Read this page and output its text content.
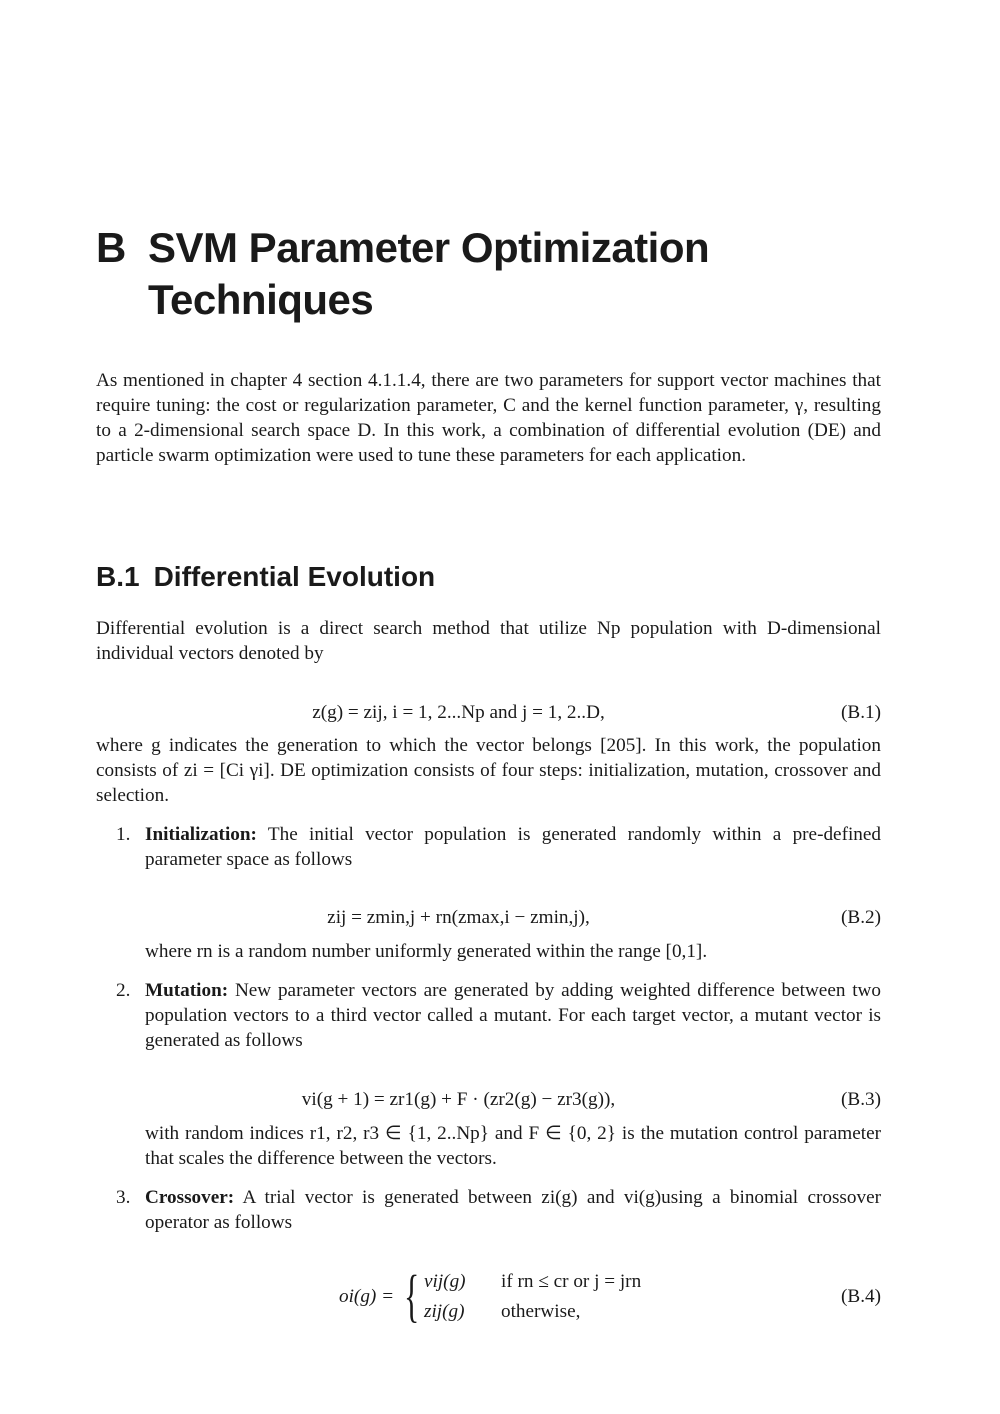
B SVM Parameter Optimization Techniques

As mentioned in chapter 4 section 4.1.1.4, there are two parameters for support vector machines that require tuning: the cost or regularization parameter, C and the kernel function parameter, γ, resulting to a 2-dimensional search space D. In this work, a combination of differential evolution (DE) and particle swarm optimization were used to tune these parameters for each application.

B.1 Differential Evolution

Differential evolution is a direct search method that utilize Np population with D-dimensional individual vectors denoted by

z(g) = zij, i = 1, 2...Np and j = 1, 2..D,	(B.1)

where g indicates the generation to which the vector belongs [205]. In this work, the population consists of zi = [Ci γi]. DE optimization consists of four steps: initialization, mutation, crossover and selection.

1. Initialization: The initial vector population is generated randomly within a pre-defined parameter space as follows
zij = zmin,j + rn(zmax,i − zmin,j),	(B.2)

where rn is a random number uniformly generated within the range [0,1].

2. Mutation: New parameter vectors are generated by adding weighted difference between two population vectors to a third vector called a mutant. For each target vector, a mutant vector is generated as follows
vi(g + 1) = zr1(g) + F · (zr2(g) − zr3(g)),	(B.3)

with random indices r1, r2, r3 ∈ {1, 2..Np} and F ∈ {0, 2} is the mutation control parameter that scales the difference between the vectors.

3. Crossover: A trial vector is generated between zi(g) and vi(g)using a binomial crossover operator as follows
oi(g) = { vij(g) if rn ≤ cr or j = jrn
zij(g) otherwise,
(B.4)
